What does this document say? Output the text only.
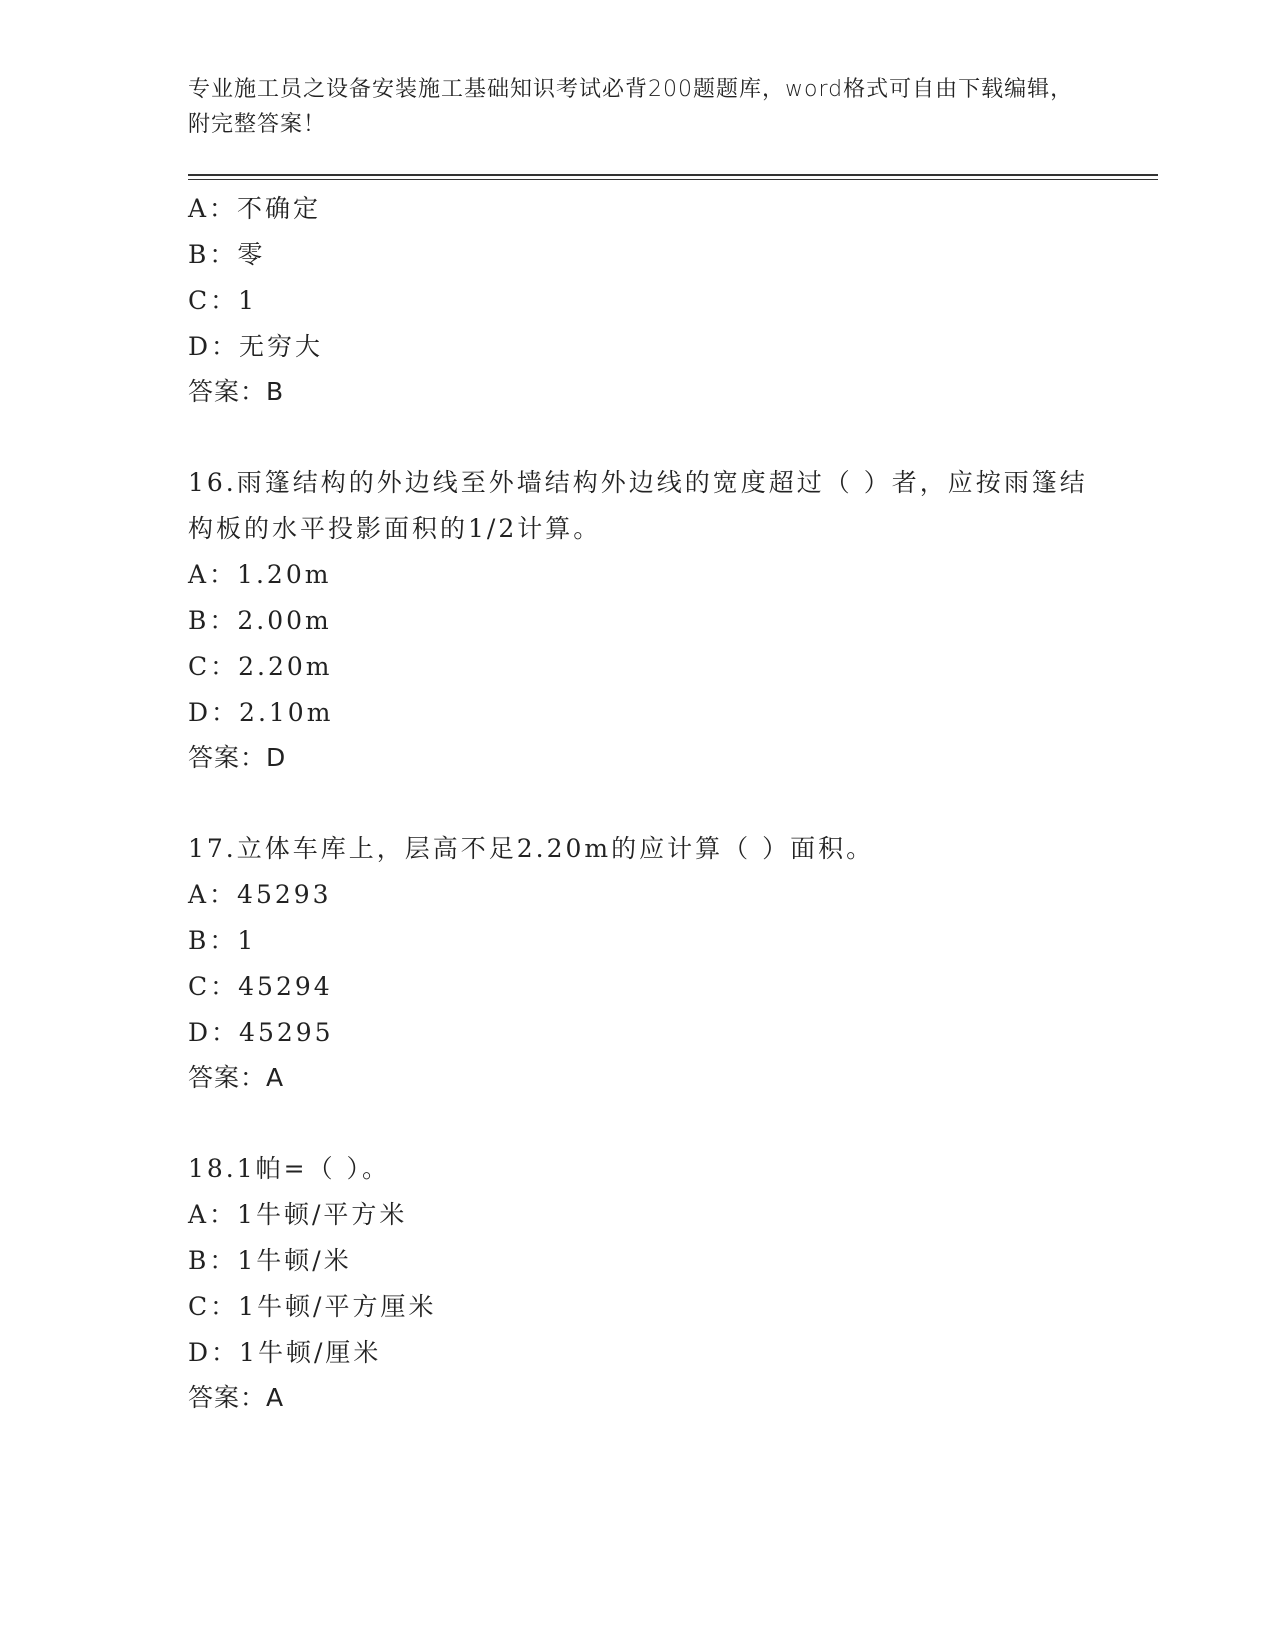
专业施工员之设备安装施工基础知识考试必背200题题库，word格式可自由下载编辑，附完整答案！
A：不确定
B：零
C：1
D：无穷大
答案：B
16.雨篷结构的外边线至外墙结构外边线的宽度超过（ ）者，应按雨篷结构板的水平投影面积的1/2计算。
A：1.20m
B：2.00m
C：2.20m
D：2.10m
答案：D
17.立体车库上，层高不足2.20m的应计算（ ）面积。
A：45293
B：1
C：45294
D：45295
答案：A
18.1帕=（ ）。
A：1牛顿/平方米
B：1牛顿/米
C：1牛顿/平方厘米
D：1牛顿/厘米
答案：A
